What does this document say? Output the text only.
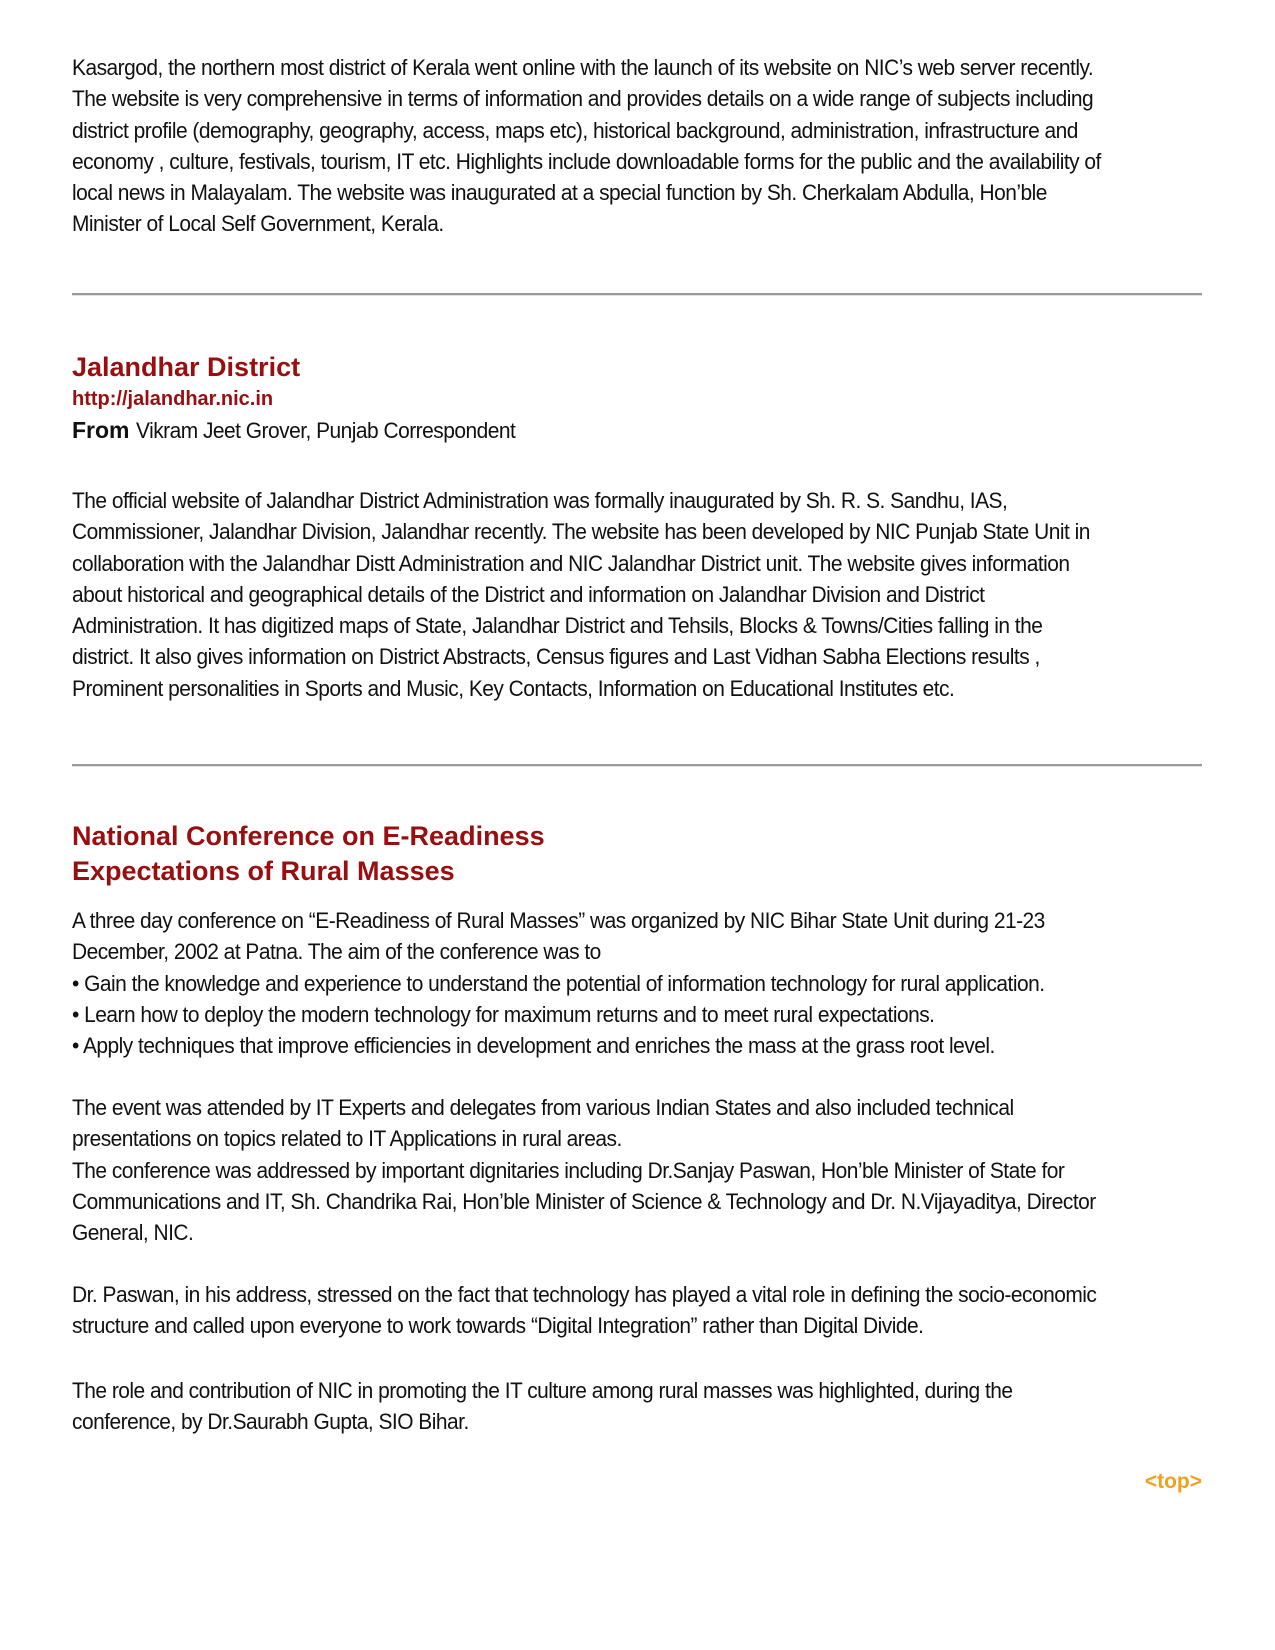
Kasargod, the northern most district of Kerala went online with the launch of its website on NIC’s web server recently.
The website is very comprehensive in terms of information and provides details on a wide range of subjects including
district profile (demography, geography, access, maps etc), historical background, administration, infrastructure and
economy , culture, festivals, tourism, IT etc. Highlights include downloadable forms for the public and the availability of
local news in Malayalam. The website was inaugurated at a special function by Sh. Cherkalam Abdulla, Hon’ble
Minister of Local Self Government, Kerala.
Jalandhar District
http://jalandhar.nic.in
From Vikram Jeet Grover, Punjab Correspondent
The official website of Jalandhar District Administration was formally inaugurated by Sh. R. S. Sandhu, IAS,
Commissioner, Jalandhar Division, Jalandhar recently. The website has been developed by NIC Punjab State Unit in
collaboration with the Jalandhar Distt Administration and NIC Jalandhar District unit. The website gives information
about historical and geographical details of the District and information on Jalandhar Division and District
Administration. It has digitized maps of State, Jalandhar District and Tehsils, Blocks & Towns/Cities falling in the
district. It also gives information on District Abstracts, Census figures and Last Vidhan Sabha Elections results ,
Prominent personalities in Sports and Music, Key Contacts, Information on Educational Institutes etc.
National Conference on E-Readiness
Expectations of Rural Masses
A three day conference on “E-Readiness of Rural Masses” was organized by NIC Bihar State Unit during 21-23
December, 2002 at Patna. The aim of the conference was to
• Gain the knowledge and experience to understand the potential of information technology for rural application.
• Learn how to deploy the modern technology for maximum returns and to meet rural expectations.
• Apply techniques that improve efficiencies in development and enriches the mass at the grass root level.
The event was attended by IT Experts and delegates from various Indian States and also included technical
presentations on topics related to IT Applications in rural areas.
The conference was addressed by important dignitaries including Dr.Sanjay Paswan, Hon’ble Minister of State for
Communications and IT, Sh. Chandrika Rai, Hon’ble Minister of Science & Technology and Dr. N.Vijayaditya, Director
General, NIC.
Dr. Paswan, in his address, stressed on the fact that technology has played a vital role in defining the socio-economic
structure and called upon everyone to work towards “Digital Integration” rather than Digital Divide.
The role and contribution of NIC in promoting the IT culture among rural masses was highlighted, during the
conference, by Dr.Saurabh Gupta, SIO Bihar.
<top>
